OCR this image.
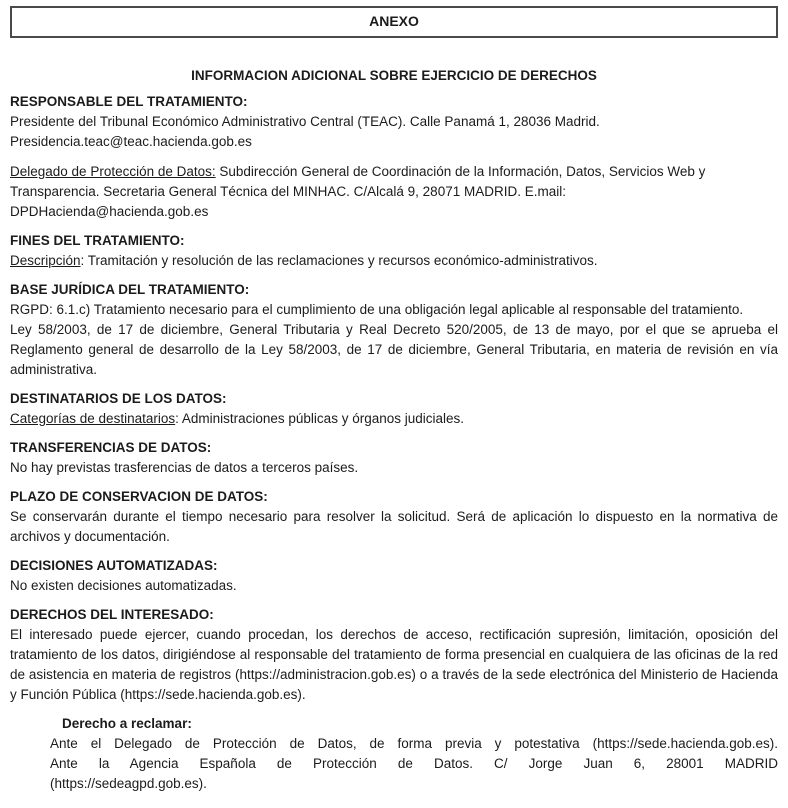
ANEXO
INFORMACION ADICIONAL SOBRE EJERCICIO DE DERECHOS
RESPONSABLE DEL TRATAMIENTO:

Presidente del Tribunal Económico Administrativo Central (TEAC). Calle Panamá 1, 28036 Madrid.
Presidencia.teac@teac.hacienda.gob.es

Delegado de Protección de Datos: Subdirección General de Coordinación de la Información, Datos, Servicios Web y Transparencia. Secretaria General Técnica del MINHAC. C/Alcalá 9, 28071 MADRID. E.mail:
DPDHacienda@hacienda.gob.es

FINES DEL TRATAMIENTO:

Descripción: Tramitación y resolución de las reclamaciones y recursos económico-administrativos.

BASE JURÍDICA DEL TRATAMIENTO:

RGPD: 6.1.c) Tratamiento necesario para el cumplimiento de una obligación legal aplicable al responsable del tratamiento.

Ley 58/2003, de 17 de diciembre, General Tributaria y Real Decreto 520/2005, de 13 de mayo, por el que se aprueba el Reglamento general de desarrollo de la Ley 58/2003, de 17 de diciembre, General Tributaria, en materia de revisión en vía administrativa.

DESTINATARIOS DE LOS DATOS:

Categorías de destinatarios: Administraciones públicas y órganos judiciales.

TRANSFERENCIAS DE DATOS:

No hay previstas trasferencias de datos a terceros países.

PLAZO DE CONSERVACION DE DATOS:

Se conservarán durante el tiempo necesario para resolver la solicitud. Será de aplicación lo dispuesto en la normativa de archivos y documentación.

DECISIONES AUTOMATIZADAS:

No existen decisiones automatizadas.

DERECHOS DEL INTERESADO:

El interesado puede ejercer, cuando procedan, los derechos de acceso, rectificación supresión, limitación, oposición del tratamiento de los datos, dirigiéndose al responsable del tratamiento de forma presencial en cualquiera de las oficinas de la red de asistencia en materia de registros (https://administracion.gob.es) o a través de la sede electrónica del Ministerio de Hacienda y Función Pública (https://sede.hacienda.gob.es).

Derecho a reclamar:

Ante el Delegado de Protección de Datos, de forma previa y potestativa (https://sede.hacienda.gob.es).

Ante la Agencia Española de Protección de Datos. C/ Jorge Juan 6, 28001 MADRID

(https://sedeagpd.gob.es).
